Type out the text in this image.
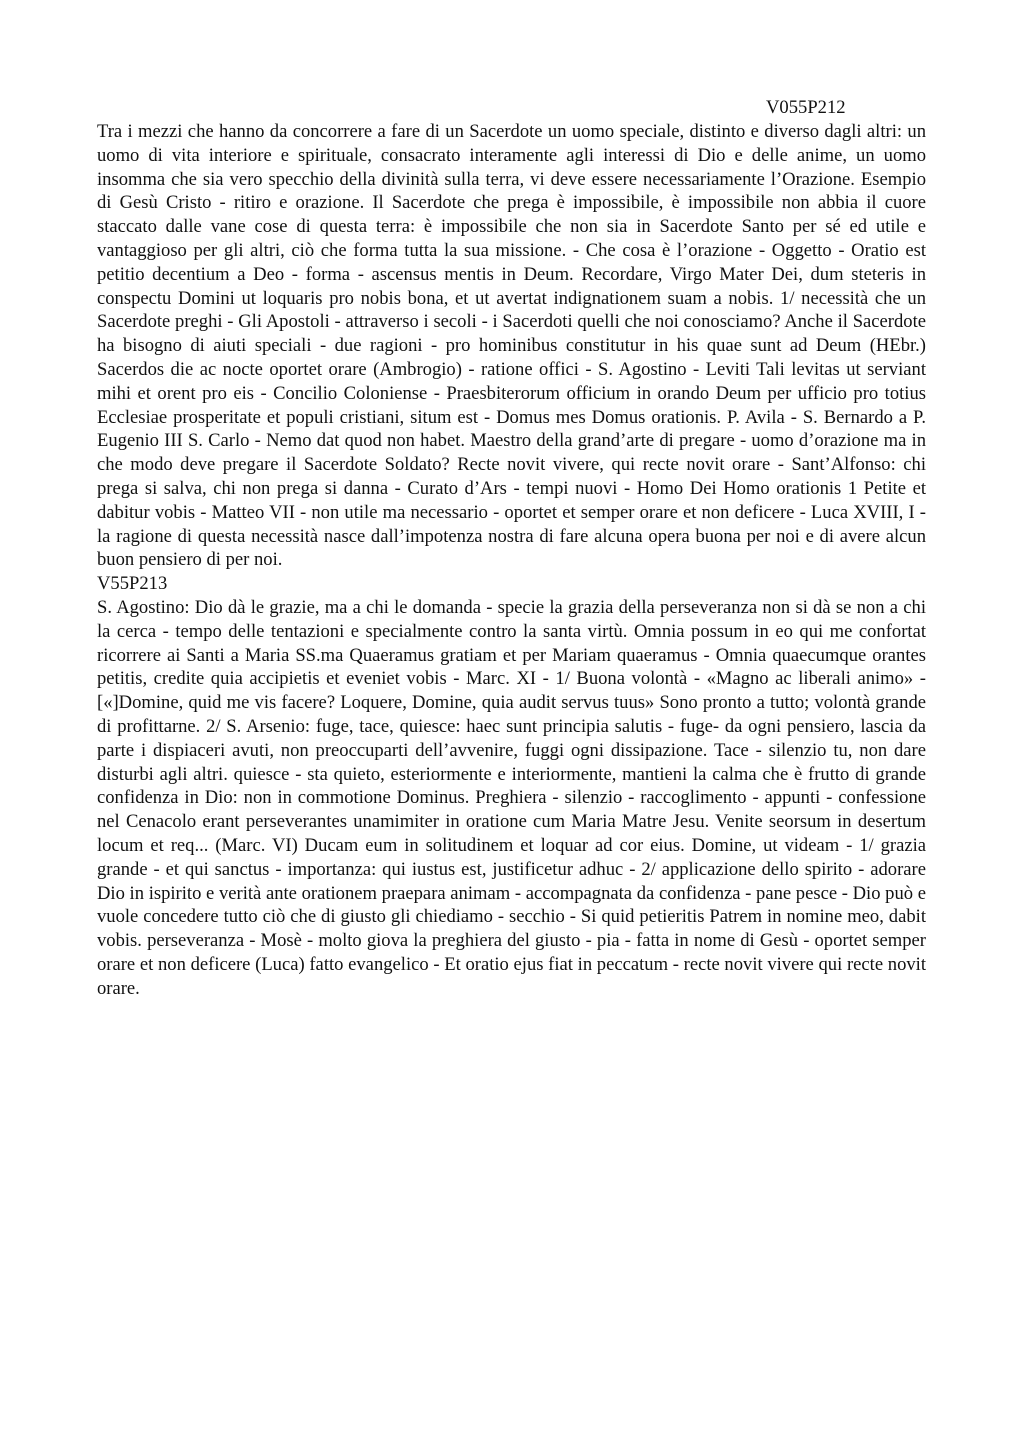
V055P212

Tra i mezzi che hanno da concorrere a fare di un Sacerdote un uomo speciale, distinto e diverso dagli altri: un uomo di vita interiore e spirituale, consacrato interamente agli interessi di Dio e delle anime, un uomo insomma che sia vero specchio della divinità sulla terra, vi deve essere necessariamente l’Orazione. Esempio di Gesù Cristo - ritiro e orazione. Il Sacerdote che prega è impossibile, è impossibile non abbia il cuore staccato dalle vane cose di questa terra: è impossibile che non sia in Sacerdote Santo per sé ed utile e vantaggioso per gli altri, ciò che forma tutta la sua missione. - Che cosa è l’orazione - Oggetto - Oratio est petitio decentium a Deo - forma - ascensus mentis in Deum. Recordare, Virgo Mater Dei, dum steteris in conspectu Domini ut loquaris pro nobis bona, et ut avertat indignationem suam a nobis. 1/ necessità che un Sacerdote preghi - Gli Apostoli - attraverso i secoli - i Sacerdoti quelli che noi conosciamo? Anche il Sacerdote ha bisogno di aiuti speciali - due ragioni - pro hominibus constitutur in his quae sunt ad Deum (HEbr.) Sacerdos die ac nocte oportet orare (Ambrogio) - ratione offici - S. Agostino - Leviti Tali levitas ut serviant mihi et orent pro eis - Concilio Coloniense - Praesbiterorum officium in orando Deum per ufficio pro totius Ecclesiae prosperitate et populi cristiani, situm est - Domus mes Domus orationis. P. Avila - S. Bernardo a P. Eugenio III S. Carlo - Nemo dat quod non habet. Maestro della grand’arte di pregare - uomo d’orazione ma in che modo deve pregare il Sacerdote Soldato? Recte novit vivere, qui recte novit orare - Sant’Alfonso: chi prega si salva, chi non prega si danna - Curato d’Ars - tempi nuovi - Homo Dei Homo orationis 1 Petite et dabitur vobis - Matteo VII - non utile ma necessario - oportet et semper orare et non deficere - Luca XVIII, I - la ragione di questa necessità nasce dall’impotenza nostra di fare alcuna opera buona per noi e di avere alcun buon pensiero di per noi.

V55P213

S. Agostino: Dio dà le grazie, ma a chi le domanda - specie la grazia della perseveranza non si dà se non a chi la cerca - tempo delle tentazioni e specialmente contro la santa virtù. Omnia possum in eo qui me confortat ricorrere ai Santi a Maria SS.ma Quaeramus gratiam et per Mariam quaeramus - Omnia quaecumque orantes petitis, credite quia accipietis et eveniet vobis - Marc. XI - 1/ Buona volontà - «Magno ac liberali animo» - [«]Domine, quid me vis facere? Loquere, Domine, quia audit servus tuus» Sono pronto a tutto; volontà grande di profittarne. 2/ S. Arsenio: fuge, tace, quiesce: haec sunt principia salutis - fuge- da ogni pensiero, lascia da parte i dispiaceri avuti, non preoccuparti dell’avvenire, fuggi ogni dissipazione. Tace - silenzio tu, non dare disturbi agli altri. quiesce - sta quieto, esteriormente e interiormente, mantieni la calma che è frutto di grande confidenza in Dio: non in commotione Dominus. Preghiera - silenzio - raccoglimento - appunti - confessione nel Cenacolo erant perseverantes unamimiter in oratione cum Maria Matre Jesu. Venite seorsum in desertum locum et req... (Marc. VI) Ducam eum in solitudinem et loquar ad cor eius. Domine, ut videam - 1/ grazia grande - et qui sanctus - importanza: qui iustus est, justificetur adhuc - 2/ applicazione dello spirito - adorare Dio in ispirito e verità ante orationem praepara animam - accompagnata da confidenza - pane pesce - Dio può e vuole concedere tutto ciò che di giusto gli chiediamo - secchio - Si quid petieritis Patrem in nomine meo, dabit vobis. perseveranza - Mosè - molto giova la preghiera del giusto - pia - fatta in nome di Gesù - oportet semper orare et non deficere (Luca) fatto evangelico - Et oratio ejus fiat in peccatum - recte novit vivere qui recte novit orare.
